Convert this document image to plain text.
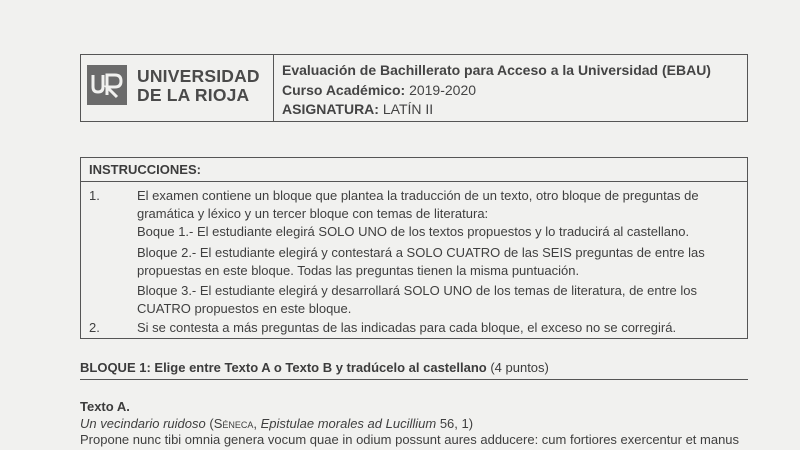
UNIVERSIDAD
DE LA RIOJA
Evaluación de Bachillerato para Acceso a la Universidad (EBAU)
Curso Académico: 2019-2020
ASIGNATURA: LATÍN II
INSTRUCCIONES:
1.	El examen contiene un bloque que plantea la traducción de un texto, otro bloque de preguntas de
gramática y léxico y un tercer bloque con temas de literatura:
Boque 1.- El estudiante elegirá SOLO UNO de los textos propuestos y lo traducirá al castellano.
Bloque 2.- El estudiante elegirá y contestará a SOLO CUATRO de las SEIS preguntas de entre las
propuestas en este bloque. Todas las preguntas tienen la misma puntuación.
Bloque 3.- El estudiante elegirá y desarrollará SOLO UNO de los temas de literatura, de entre los
CUATRO propuestos en este bloque.
2.	Si se contesta a más preguntas de las indicadas para cada bloque, el exceso no se corregirá.
BLOQUE 1: Elige entre Texto A o Texto B y tradúcelo al castellano (4 puntos)
Texto A.
Un vecindario ruidoso (Séneca, Epistulae morales ad Lucillium 56, 1)
Propone nunc tibi omnia genera vocum quae in odium possunt aures adducere: cum fortiores exercentur et manus
